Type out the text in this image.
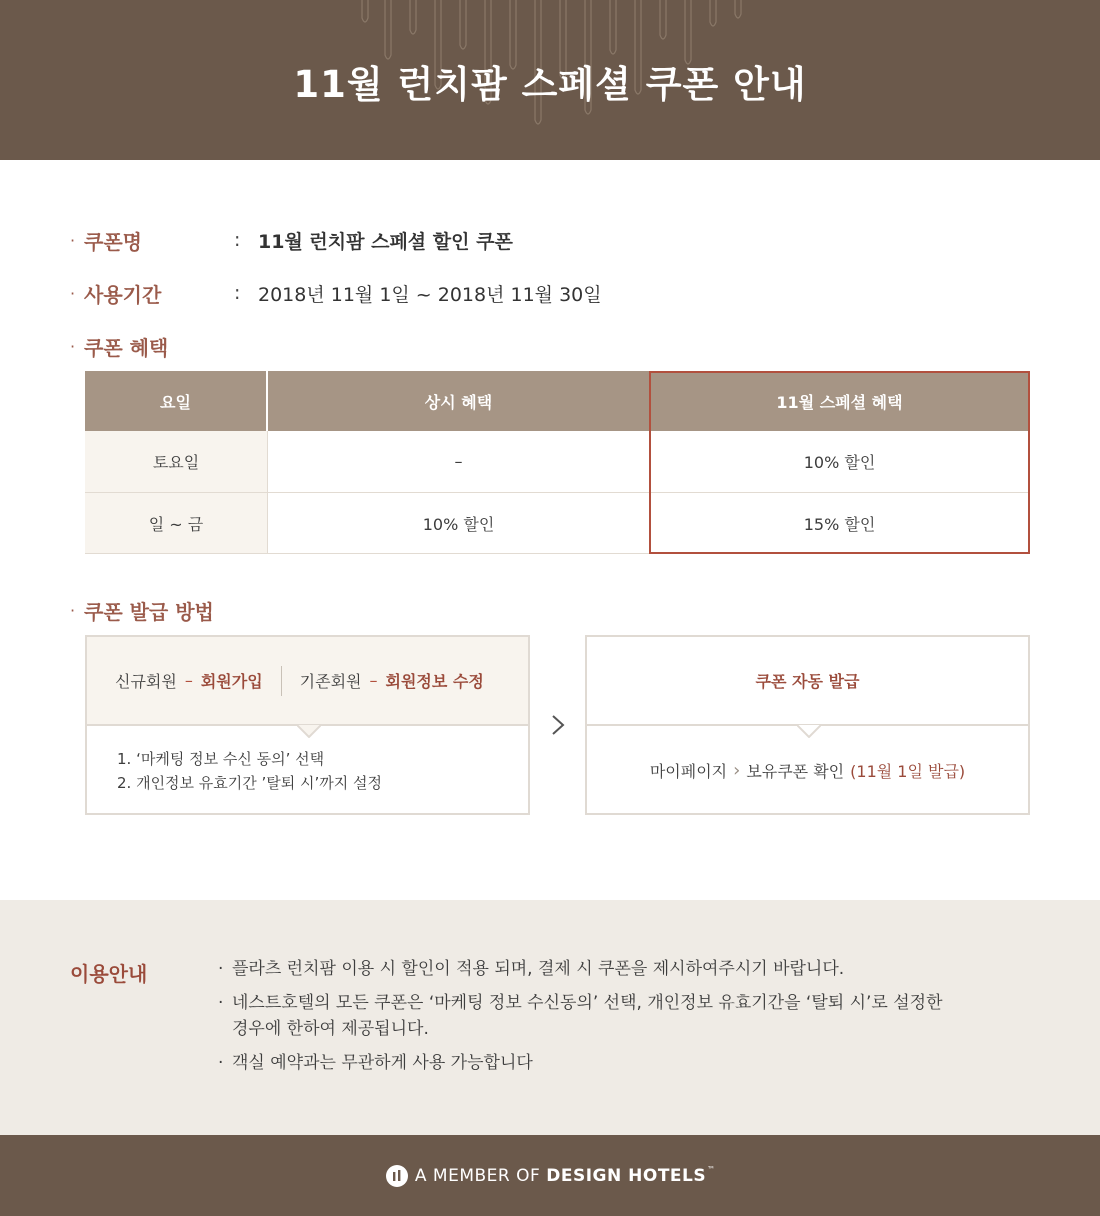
11월 런치팜 스페셜 쿠폰 안내
· 쿠폰명	: 11월 런치팜 스페셜 할인 쿠폰
· 사용기간	: 2018년 11월 1일 ~ 2018년 11월 30일
· 쿠폰 혜택
요일	상시 혜택	11월 스페셜 혜택
토요일	–	10% 할인
일 ~ 금	10% 할인	15% 할인
· 쿠폰 발급 방법
신규회원 – 회원가입 기존회원 – 회원정보 수정
1. ‘마케팅 정보 수신 동의’ 선택
2. 개인정보 유효기간 ’탈퇴 시’까지 설정
쿠폰 자동 발급
마이페이지 › 보유쿠폰 확인 (11월 1일 발급)
이용안내	· 플라츠 런치팜 이용 시 할인이 적용 되며, 결제 시 쿠폰을 제시하여주시기 바랍니다.
· 네스트호텔의 모든 쿠폰은 ‘마케팅 정보 수신동의’ 선택, 개인정보 유효기간을 ‘탈퇴 시’로 설정한 경우에 한하여 제공됩니다.
· 객실 예약과는 무관하게 사용 가능합니다
A MEMBER OF DESIGN HOTELS ™
